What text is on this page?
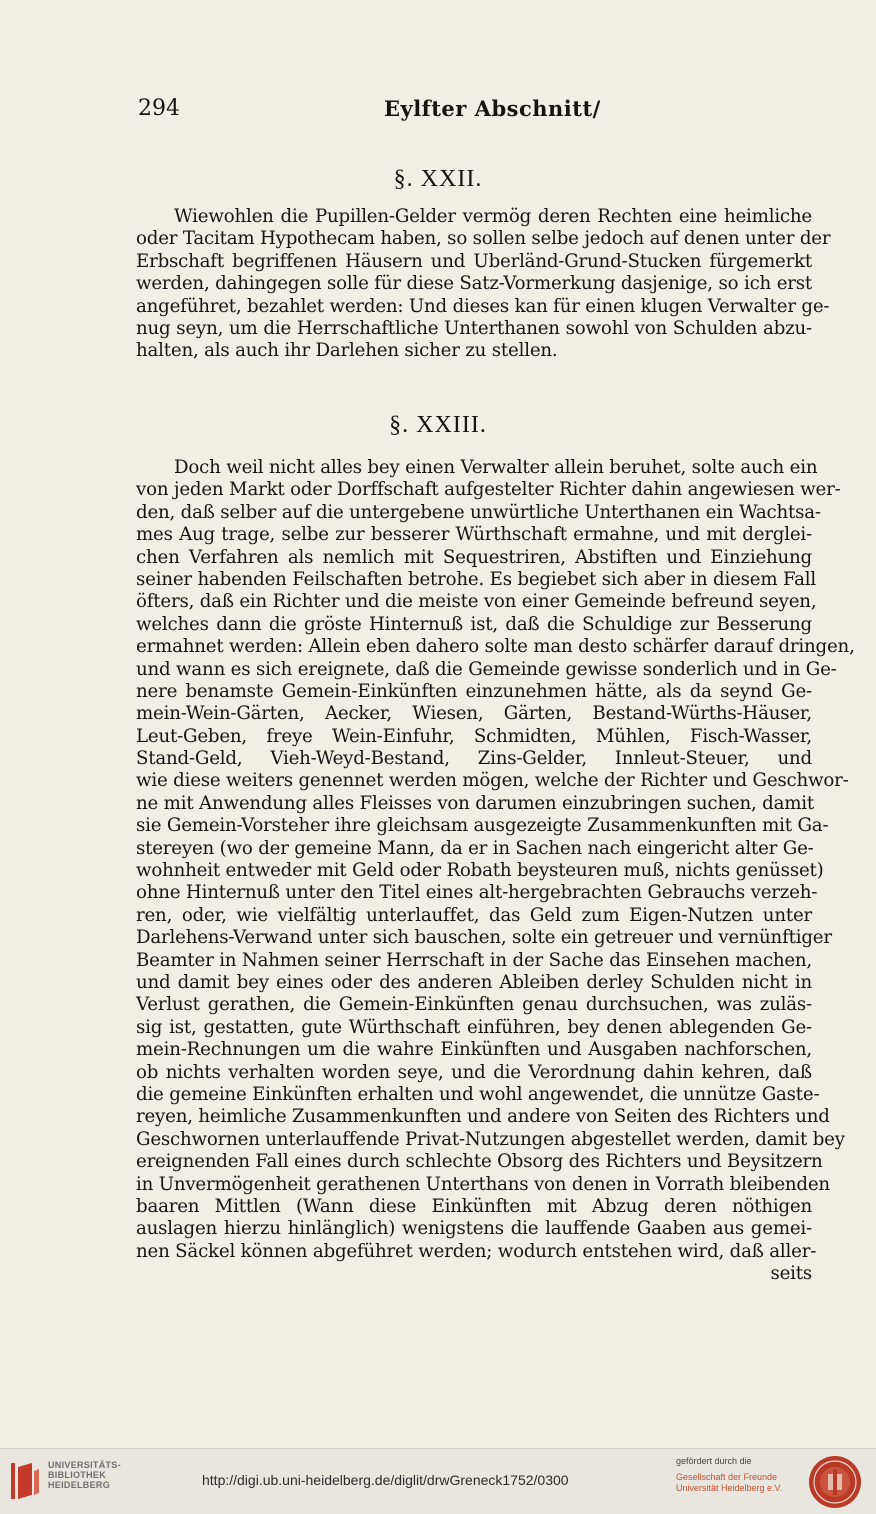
294	Eylfter Abschnitt/
§. XXII.
Wiewohlen die Pupillen-Gelder vermög deren Rechten eine heimliche
oder Tacitam Hypothecam haben, so sollen selbe jedoch auf denen unter der
Erbschaft begriffenen Häusern und Uberländ-Grund-Stucken fürgemerkt
werden, dahingegen solle für diese Satz-Vormerkung dasjenige, so ich erst
angeführet, bezahlet werden: Und dieses kan für einen klugen Verwalter ge-
nug seyn, um die Herrschaftliche Unterthanen sowohl von Schulden abzu-
halten, als auch ihr Darlehen sicher zu stellen.
§. XXIII.
Doch weil nicht alles bey einen Verwalter allein beruhet, solte auch ein
von jeden Markt oder Dorffschaft aufgestelter Richter dahin angewiesen wer-
den, daß selber auf die untergebene unwürtliche Unterthanen ein Wachtsa-
mes Aug trage, selbe zur besserer Würthschaft ermahne, und mit derglei-
chen Verfahren als nemlich mit Sequestriren, Abstiften und Einziehung
seiner habenden Feilschaften betrohe. Es begiebet sich aber in diesem Fall
öfters, daß ein Richter und die meiste von einer Gemeinde befreund seyen,
welches dann die gröste Hinternuß ist, daß die Schuldige zur Besserung
ermahnet werden: Allein eben dahero solte man desto schärfer darauf dringen,
und wann es sich ereignete, daß die Gemeinde gewisse sonderlich und in Ge-
nere benamste Gemein-Einkünften einzunehmen hätte, als da seynd Ge-
mein-Wein-Gärten, Aecker, Wiesen, Gärten, Bestand-Würths-Häuser,
Leut-Geben, freye Wein-Einfuhr, Schmidten, Mühlen, Fisch-Wasser,
Stand-Geld, Vieh-Weyd-Bestand, Zins-Gelder, Innleut-Steuer, und
wie diese weiters genennet werden mögen, welche der Richter und Geschwor-
ne mit Anwendung alles Fleisses von darumen einzubringen suchen, damit
sie Gemein-Vorsteher ihre gleichsam ausgezeigte Zusammenkunften mit Ga-
stereyen (wo der gemeine Mann, da er in Sachen nach eingericht alter Ge-
wohnheit entweder mit Geld oder Robath beysteuren muß, nichts genüsset)
ohne Hinternuß unter den Titel eines alt-hergebrachten Gebrauchs verzeh-
ren, oder, wie vielfältig unterlauffet, das Geld zum Eigen-Nutzen unter
Darlehens-Verwand unter sich bauschen, solte ein getreuer und vernünftiger
Beamter in Nahmen seiner Herrschaft in der Sache das Einsehen machen,
und damit bey eines oder des anderen Ableiben derley Schulden nicht in
Verlust gerathen, die Gemein-Einkünften genau durchsuchen, was zuläs-
sig ist, gestatten, gute Würthschaft einführen, bey denen ablegenden Ge-
mein-Rechnungen um die wahre Einkünften und Ausgaben nachforschen,
ob nichts verhalten worden seye, und die Verordnung dahin kehren, daß
die gemeine Einkünften erhalten und wohl angewendet, die unnütze Gaste-
reyen, heimliche Zusammenkunften und andere von Seiten des Richters und
Geschwornen unterlauffende Privat-Nutzungen abgestellet werden, damit bey
ereignenden Fall eines durch schlechte Obsorg des Richters und Beysitzern
in Unvermögenheit gerathenen Unterthans von denen in Vorrath bleibenden
baaren Mittlen (Wann diese Einkünften mit Abzug deren nöthigen
auslagen hierzu hinlänglich) wenigstens die lauffende Gaaben aus gemei-
nen Säckel können abgeführet werden; wodurch entstehen wird, daß aller-
seits
UNIVERSITÄTS-
BIBLIOTHEK
HEIDELBERG	http://digi.ub.uni-heidelberg.de/diglit/drwGreneck1752/0300
gefördert durch die
Gesellschaft der Freunde
Universität Heidelberg e.V.
